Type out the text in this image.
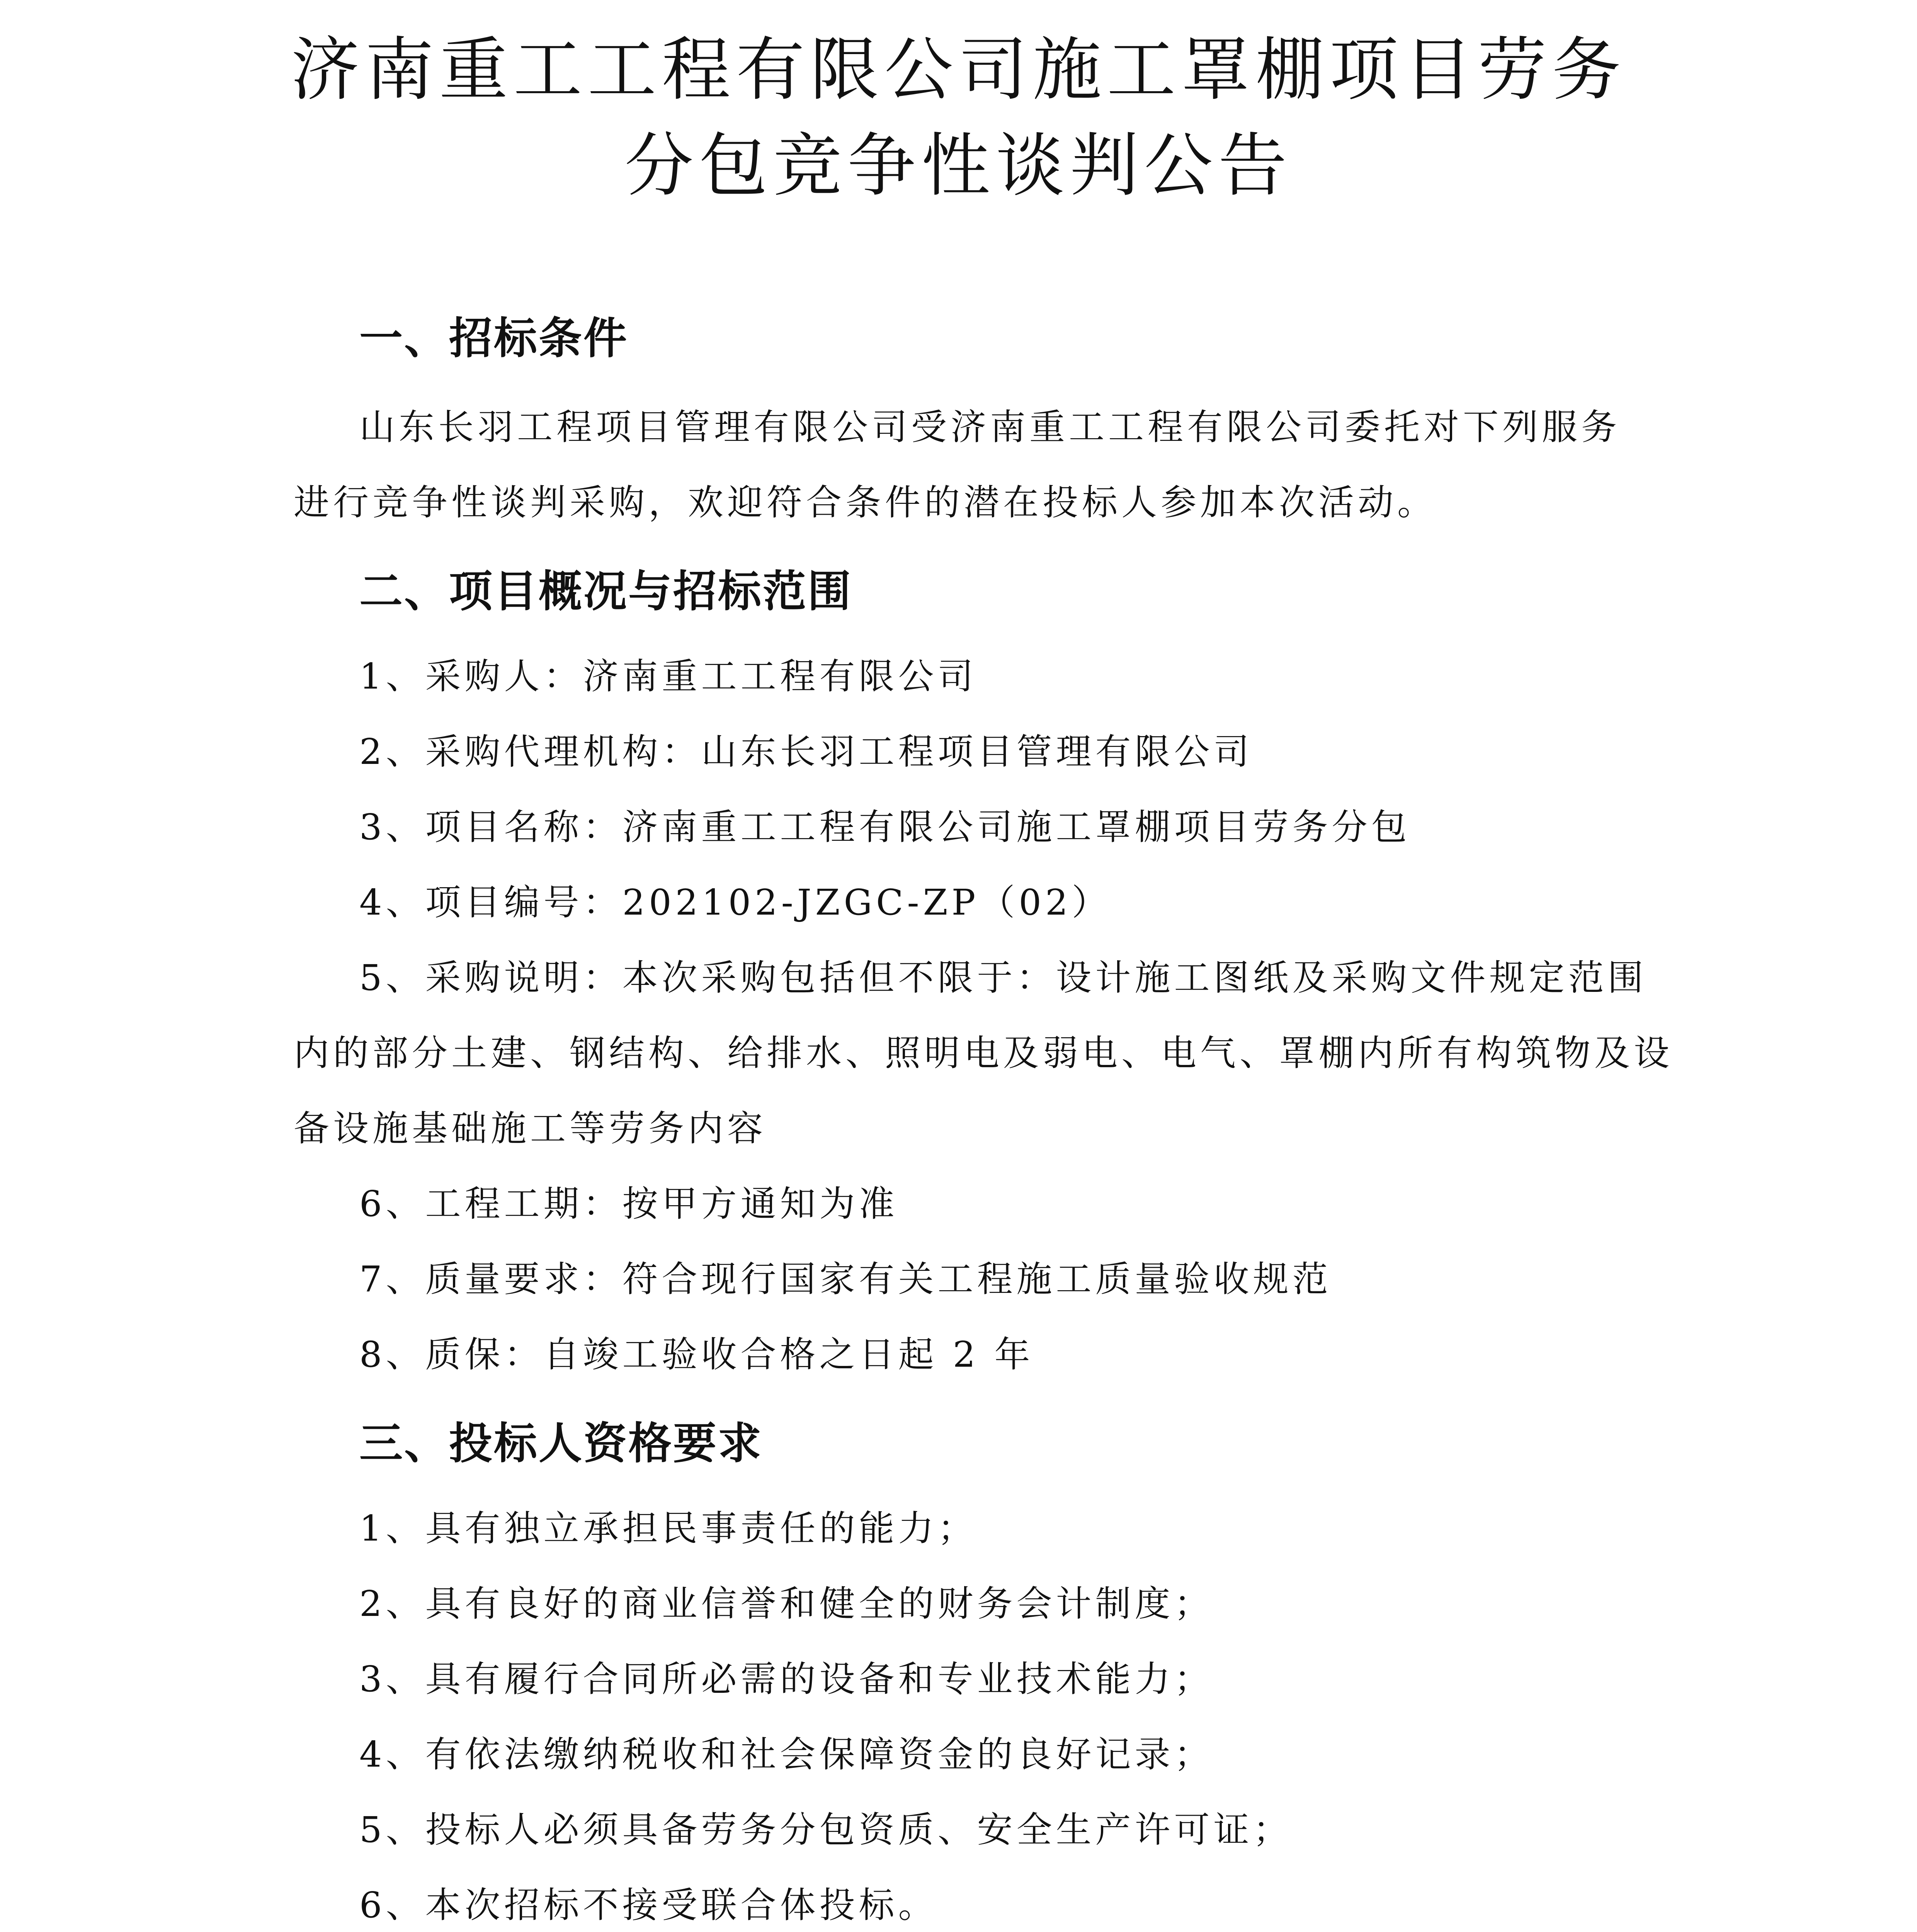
济南重工工程有限公司施工罩棚项目劳务
分包竞争性谈判公告
一、招标条件
山东长羽工程项目管理有限公司受济南重工工程有限公司委托对下列服务
进行竞争性谈判采购，欢迎符合条件的潜在投标人参加本次活动。
二、项目概况与招标范围
1、采购人：济南重工工程有限公司
2、采购代理机构：山东长羽工程项目管理有限公司
3、项目名称：济南重工工程有限公司施工罩棚项目劳务分包
4、项目编号：202102-JZGC-ZP（02）
5、采购说明：本次采购包括但不限于：设计施工图纸及采购文件规定范围
内的部分土建、钢结构、给排水、照明电及弱电、电气、罩棚内所有构筑物及设
备设施基础施工等劳务内容
6、工程工期：按甲方通知为准
7、质量要求：符合现行国家有关工程施工质量验收规范
8、质保：自竣工验收合格之日起 2 年
三、投标人资格要求
1、具有独立承担民事责任的能力；
2、具有良好的商业信誉和健全的财务会计制度；
3、具有履行合同所必需的设备和专业技术能力；
4、有依法缴纳税收和社会保障资金的良好记录；
5、投标人必须具备劳务分包资质、安全生产许可证；
6、本次招标不接受联合体投标。
